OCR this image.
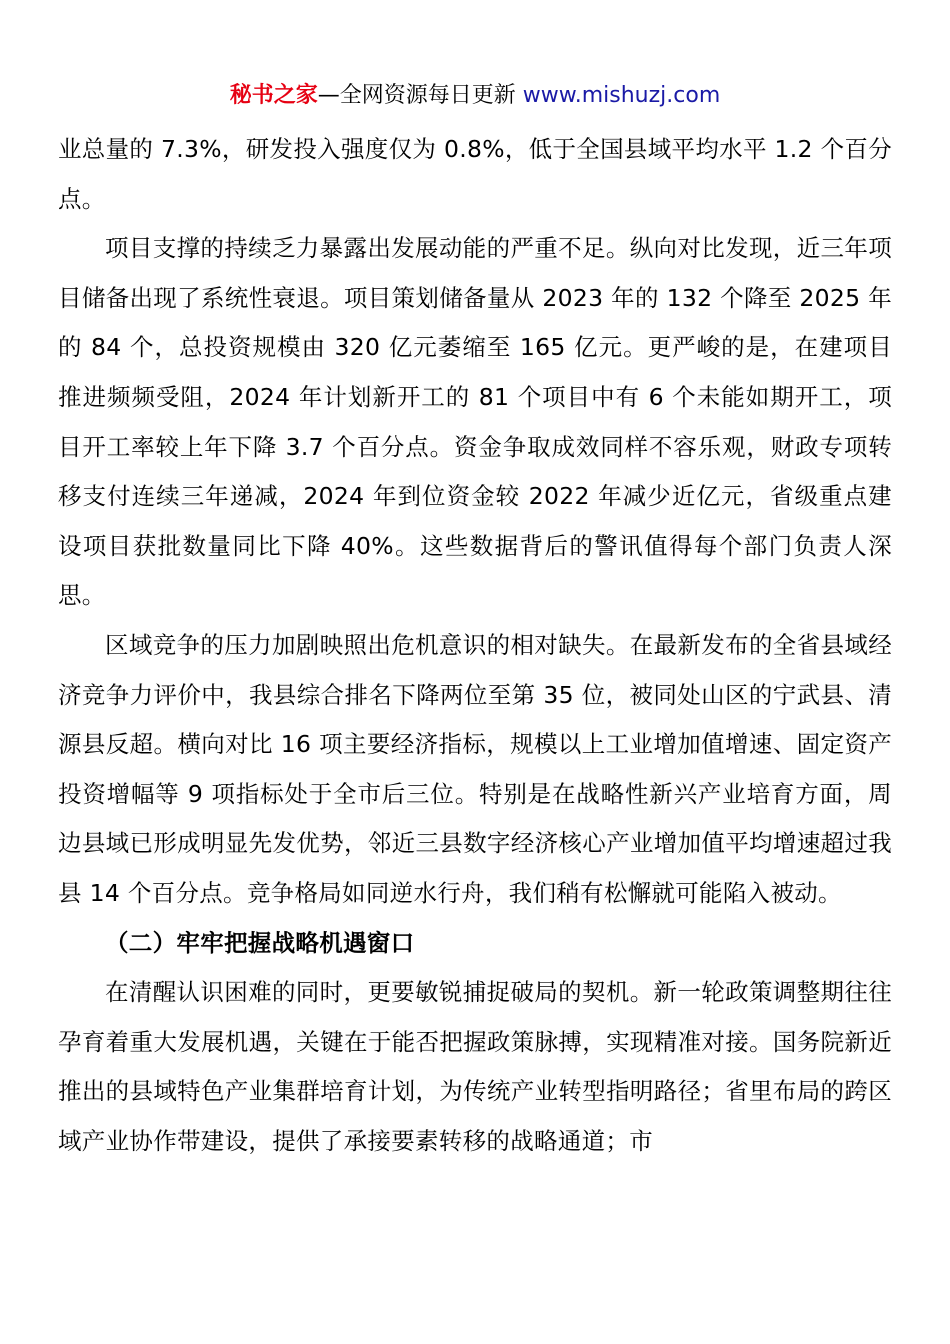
秘书之家—全网资源每日更新 www.mishuzj.com

业总量的 7.3%，研发投入强度仅为 0.8%，低于全国县域平均水平 1.2 个百分点。

项目支撑的持续乏力暴露出发展动能的严重不足。纵向对比发现，近三年项目储备出现了系统性衰退。项目策划储备量从 2023 年的 132 个降至 2025 年的 84 个，总投资规模由 320 亿元萎缩至 165 亿元。更严峻的是，在建项目推进频频受阻，2024 年计划新开工的 81 个项目中有 6 个未能如期开工，项目开工率较上年下降 3.7 个百分点。资金争取成效同样不容乐观，财政专项转移支付连续三年递减，2024 年到位资金较 2022 年减少近亿元，省级重点建设项目获批数量同比下降 40%。这些数据背后的警讯值得每个部门负责人深思。

区域竞争的压力加剧映照出危机意识的相对缺失。在最新发布的全省县域经济竞争力评价中，我县综合排名下降两位至第 35 位，被同处山区的宁武县、清源县反超。横向对比 16 项主要经济指标，规模以上工业增加值增速、固定资产投资增幅等 9 项指标处于全市后三位。特别是在战略性新兴产业培育方面，周边县域已形成明显先发优势，邻近三县数字经济核心产业增加值平均增速超过我县 14 个百分点。竞争格局如同逆水行舟，我们稍有松懈就可能陷入被动。

（二）牢牢把握战略机遇窗口

在清醒认识困难的同时，更要敏锐捕捉破局的契机。新一轮政策调整期往往孕育着重大发展机遇，关键在于能否把握政策脉搏，实现精准对接。国务院新近推出的县域特色产业集群培育计划，为传统产业转型指明路径；省里布局的跨区域产业协作带建设，提供了承接要素转移的战略通道；市
